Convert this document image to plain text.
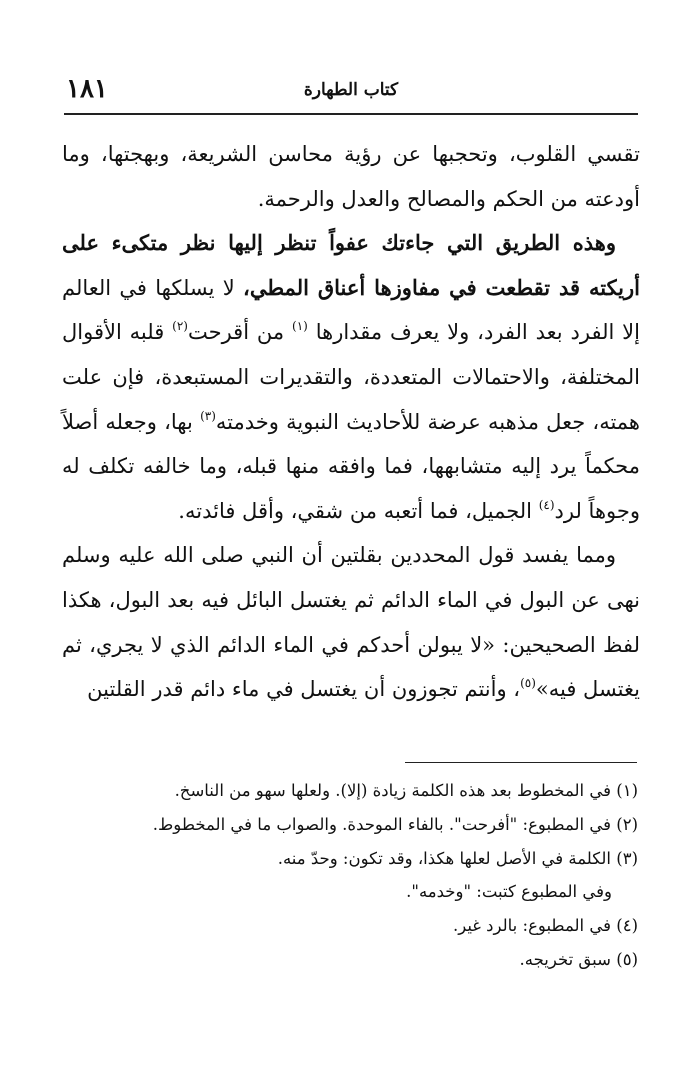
كتاب الطهارة
١٨١

تقسي القلوب، وتحجبها عن رؤية محاسن الشريعة، وبهجتها، وما أودعته من الحكم والمصالح والعدل والرحمة.

وهذه الطريق التي جاءتك عفواً تنظر إليها نظر متكىء على أريكته قد تقطعت في مفاوزها أعناق المطي، لا يسلكها في العالم إلا الفرد بعد الفرد، ولا يعرف مقدارها $^{(١)}$ من أقرحت$^{(٢)}$ قلبه الأقوال المختلفة، والاحتمالات المتعددة، والتقديرات المستبعدة، فإن علت همته، جعل مذهبه عرضة للأحاديث النبوية وخدمته$^{(٣)}$ بها، وجعله أصلاً محكماً يرد إليه متشابهها، فما وافقه منها قبله، وما خالفه تكلف له وجوهاً لرد$^{(٤)}$ الجميل، فما أتعبه من شقي، وأقل فائدته.

ومما يفسد قول المحددين بقلتين أن النبي صلى الله عليه وسلم نهى عن البول في الماء الدائم ثم يغتسل البائل فيه بعد البول، هكذا لفظ الصحيحين: «لا يبولن أحدكم في الماء الدائم الذي لا يجري، ثم يغتسل فيه»$^{(٥)}$، وأنتم تجوزون أن يغتسل في ماء دائم قدر القلتين

(١) في المخطوط بعد هذه الكلمة زيادة (إلا). ولعلها سهو من الناسخ.
(٢) في المطبوع: "أفرحت". بالفاء الموحدة. والصواب ما في المخطوط.
(٣) الكلمة في الأصل لعلها هكذا، وقد تكون: وحدّ منه.
وفي المطبوع كتبت: "وخدمه".
(٤) في المطبوع: بالرد غير.
(٥) سبق تخريجه.
